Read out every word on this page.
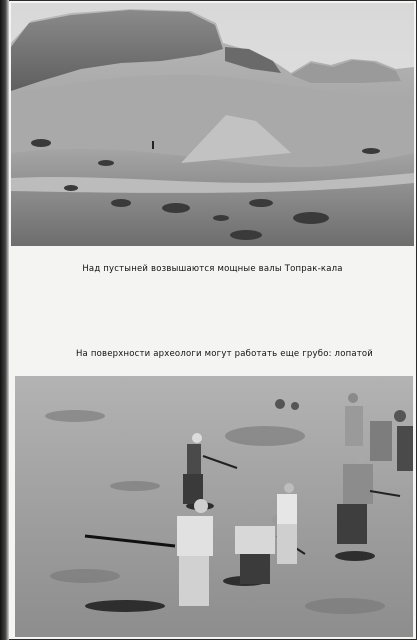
Над пустыней возвышаются мощные валы Топрак-кала
На поверхности археологи могут работать еще грубо: лопатой
